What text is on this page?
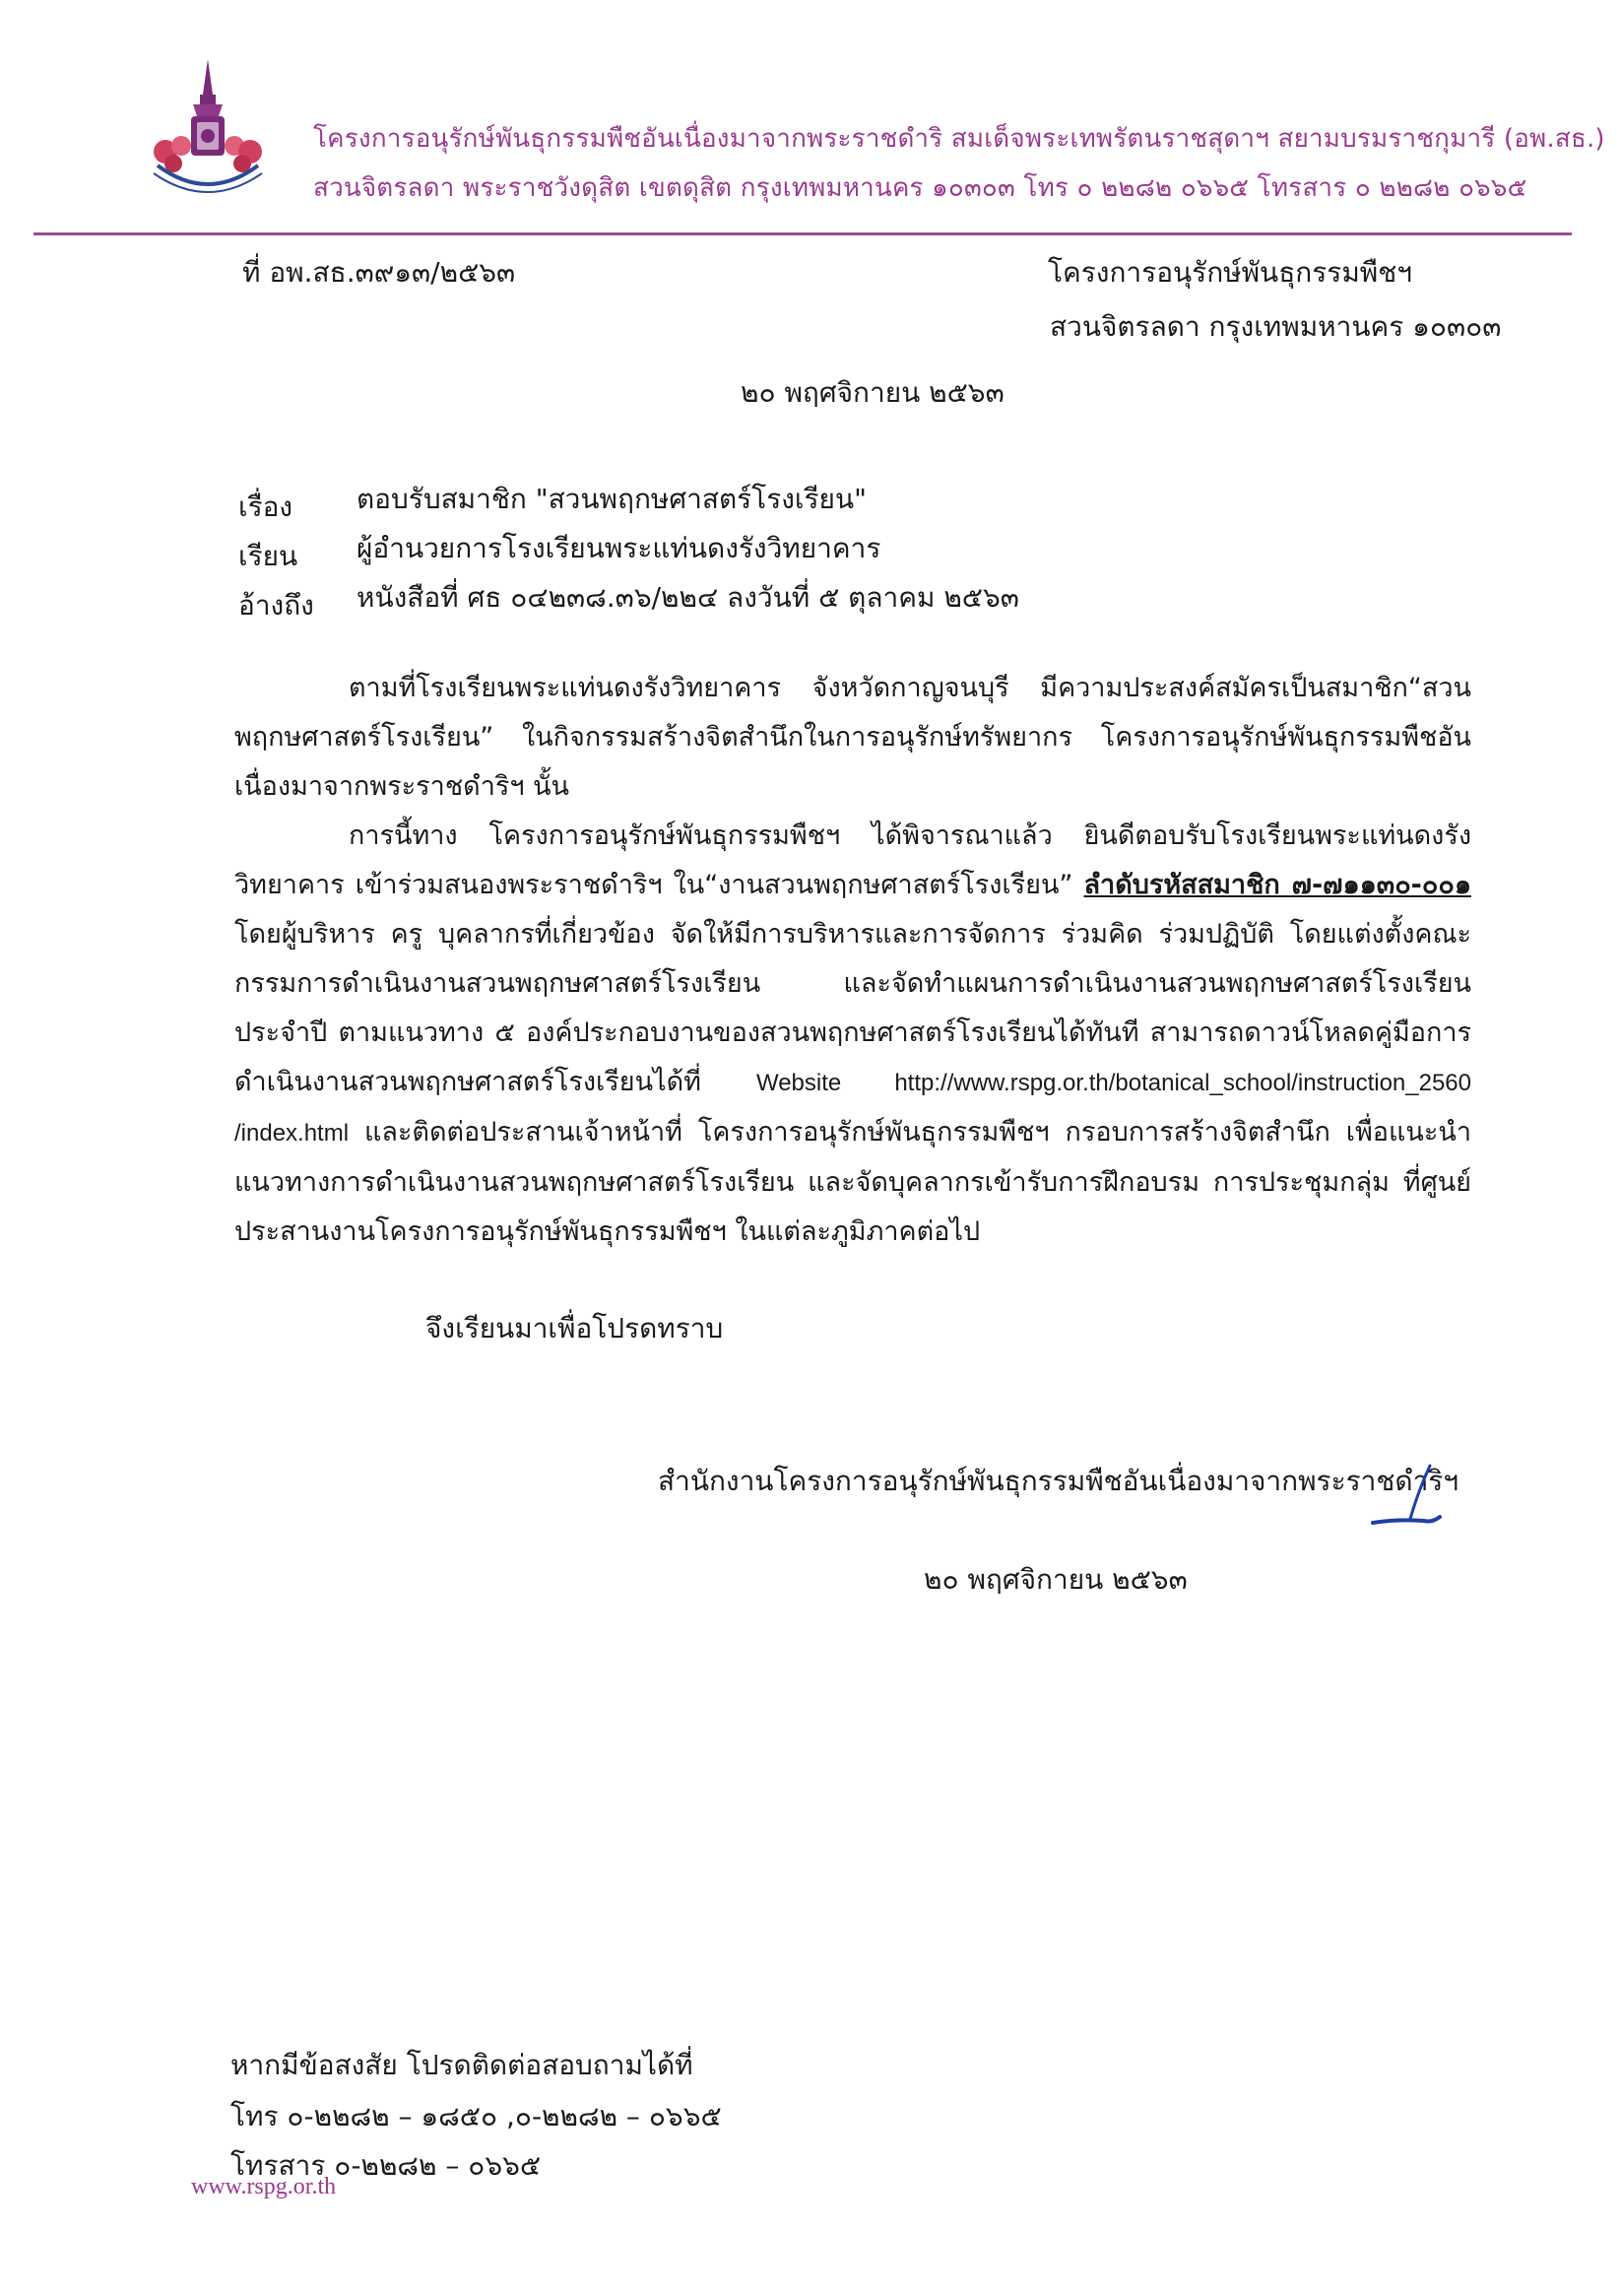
โครงการอนุรักษ์พันธุกรรมพืชอันเนื่องมาจากพระราชดำริ สมเด็จพระเทพรัตนราชสุดาฯ สยามบรมราชกุมารี (อพ.สธ.)
สวนจิตรลดา พระราชวังดุสิต เขตดุสิต กรุงเทพมหานคร ๑๐๓๐๓ โทร ๐ ๒๒๘๒ ๐๖๖๕ โทรสาร ๐ ๒๒๘๒ ๐๖๖๕
ที่ อพ.สธ.๓๙๑๓/๒๕๖๓	โครงการอนุรักษ์พันธุกรรมพืชฯ
สวนจิตรลดา กรุงเทพมหานคร ๑๐๓๐๓
๒๐ พฤศจิกายน ๒๕๖๓
เรื่อง ตอบรับสมาชิก "สวนพฤกษศาสตร์โรงเรียน"
เรียน ผู้อำนวยการโรงเรียนพระแท่นดงรังวิทยาคาร
อ้างถึง หนังสือที่ ศธ ๐๔๒๓๘.๓๖/๒๒๔ ลงวันที่ ๕ ตุลาคม ๒๕๖๓
ตามที่โรงเรียนพระแท่นดงรังวิทยาคาร จังหวัดกาญจนบุรี มีความประสงค์สมัครเป็นสมาชิก“สวนพฤกษศาสตร์โรงเรียน” ในกิจกรรมสร้างจิตสำนึกในการอนุรักษ์ทรัพยากร โครงการอนุรักษ์พันธุกรรมพืชอันเนื่องมาจากพระราชดำริฯ นั้น
การนี้ทาง โครงการอนุรักษ์พันธุกรรมพืชฯ ได้พิจารณาแล้ว ยินดีตอบรับโรงเรียนพระแท่นดงรังวิทยาคาร เข้าร่วมสนองพระราชดำริฯ ใน“งานสวนพฤกษศาสตร์โรงเรียน” ลำดับรหัสสมาชิก ๗-๗๑๑๓๐-๐๐๑ โดยผู้บริหาร ครู บุคลากรที่เกี่ยวข้อง จัดให้มีการบริหารและการจัดการ ร่วมคิด ร่วมปฏิบัติ โดยแต่งตั้งคณะกรรมการดำเนินงานสวนพฤกษศาสตร์โรงเรียน และจัดทำแผนการดำเนินงานสวนพฤกษศาสตร์โรงเรียนประจำปี ตามแนวทาง ๕ องค์ประกอบงานของสวนพฤกษศาสตร์โรงเรียนได้ทันที สามารถดาวน์โหลดคู่มือการดำเนินงานสวนพฤกษศาสตร์โรงเรียนได้ที่ Website http://www.rspg.or.th/botanical_school/instruction_2560 /index.html และติดต่อประสานเจ้าหน้าที่ โครงการอนุรักษ์พันธุกรรมพืชฯ กรอบการสร้างจิตสำนึก เพื่อแนะนำแนวทางการดำเนินงานสวนพฤกษศาสตร์โรงเรียน และจัดบุคลากรเข้ารับการฝึกอบรม การประชุมกลุ่ม ที่ศูนย์ประสานงานโครงการอนุรักษ์พันธุกรรมพืชฯ ในแต่ละภูมิภาคต่อไป
จึงเรียนมาเพื่อโปรดทราบ
สำนักงานโครงการอนุรักษ์พันธุกรรมพืชอันเนื่องมาจากพระราชดำริฯ
๒๐ พฤศจิกายน ๒๕๖๓
หากมีข้อสงสัย โปรดติดต่อสอบถามได้ที่
โทร ๐-๒๒๘๒ – ๑๘๕๐ ,๐-๒๒๘๒ – ๐๖๖๕
โทรสาร ๐-๒๒๘๒ – ๐๖๖๕
www.rspg.or.th
